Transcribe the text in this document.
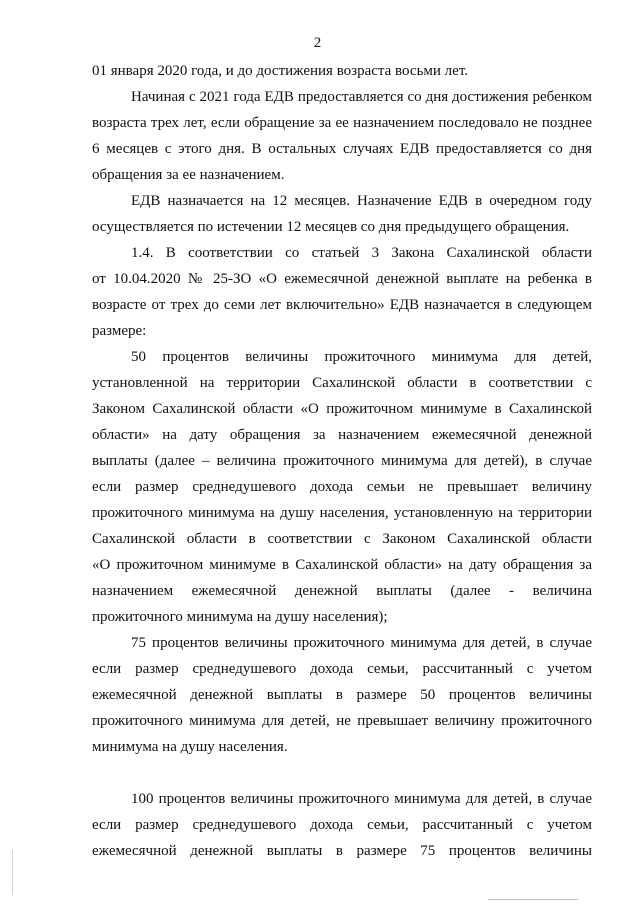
2
01 января 2020 года, и до достижения возраста восьми лет.
Начиная с 2021 года ЕДВ предоставляется со дня достижения ребенком
возраста трех лет, если обращение за ее назначением последовало не позднее
6 месяцев с этого дня. В остальных случаях ЕДВ предоставляется со дня
обращения за ее назначением.
ЕДВ назначается на 12 месяцев. Назначение ЕДВ в очередном году
осуществляется по истечении 12 месяцев со дня предыдущего обращения.
1.4. В соответствии со статьей 3 Закона Сахалинской области
от 10.04.2020 № 25-ЗО «О ежемесячной денежной выплате на ребенка в
возрасте от трех до семи лет включительно» ЕДВ назначается в следующем
размере:
50 процентов величины прожиточного минимума для детей,
установленной на территории Сахалинской области в соответствии с
Законом Сахалинской области «О прожиточном минимуме в Сахалинской
области» на дату обращения за назначением ежемесячной денежной
выплаты (далее – величина прожиточного минимума для детей), в случае
если размер среднедушевого дохода семьи не превышает величину
прожиточного минимума на душу населения, установленную на территории
Сахалинской области в соответствии с Законом Сахалинской области
«О прожиточном минимуме в Сахалинской области» на дату обращения за
назначением ежемесячной денежной выплаты (далее - величина
прожиточного минимума на душу населения);
75 процентов величины прожиточного минимума для детей, в случае
если размер среднедушевого дохода семьи, рассчитанный с учетом
ежемесячной денежной выплаты в размере 50 процентов величины
прожиточного минимума для детей, не превышает величину прожиточного
минимума на душу населения.
100 процентов величины прожиточного минимума для детей, в случае
если размер среднедушевого дохода семьи, рассчитанный с учетом
ежемесячной денежной выплаты в размере 75 процентов величины
